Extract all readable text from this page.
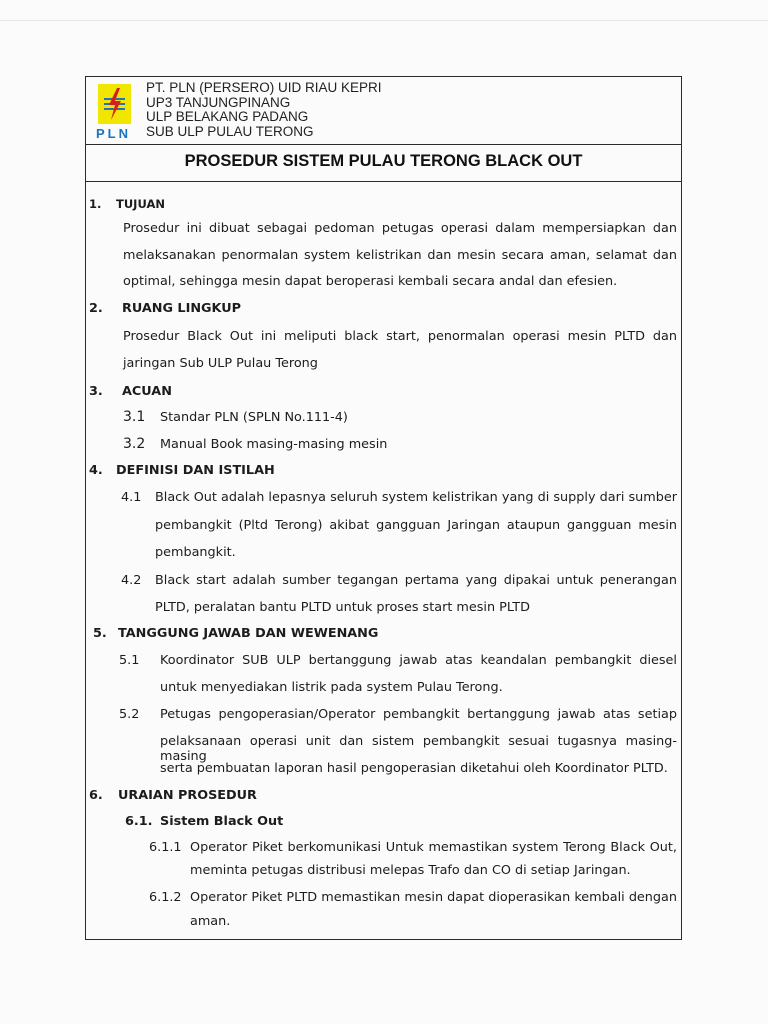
PLN
PT. PLN (PERSERO) UID RIAU KEPRI
UP3 TANJUNGPINANG
ULP BELAKANG PADANG
SUB ULP PULAU TERONG
PROSEDUR SISTEM PULAU TERONG BLACK OUT
1. TUJUAN
Prosedur ini dibuat sebagai pedoman petugas operasi dalam mempersiapkan dan
melaksanakan penormalan system kelistrikan dan mesin secara aman, selamat dan
optimal, sehingga mesin dapat beroperasi kembali secara andal dan efesien.
2. RUANG LINGKUP
Prosedur Black Out ini meliputi black start, penormalan operasi mesin PLTD dan
jaringan Sub ULP Pulau Terong
3. ACUAN
3.1 Standar PLN (SPLN No.111-4)
3.2 Manual Book masing-masing mesin
4. DEFINISI DAN ISTILAH
4.1 Black Out adalah lepasnya seluruh system kelistrikan yang di supply dari sumber
pembangkit (Pltd Terong) akibat gangguan Jaringan ataupun gangguan mesin
pembangkit.
4.2 Black start adalah sumber tegangan pertama yang dipakai untuk penerangan
PLTD, peralatan bantu PLTD untuk proses start mesin PLTD
5. TANGGUNG JAWAB DAN WEWENANG
5.1 Koordinator SUB ULP bertanggung jawab atas keandalan pembangkit diesel
untuk menyediakan listrik pada system Pulau Terong.
5.2 Petugas pengoperasian/Operator pembangkit bertanggung jawab atas setiap
pelaksanaan operasi unit dan sistem pembangkit sesuai tugasnya masing-masing
serta pembuatan laporan hasil pengoperasian diketahui oleh Koordinator PLTD.
6. URAIAN PROSEDUR
6.1. Sistem Black Out
6.1.1 Operator Piket berkomunikasi Untuk memastikan system Terong Black Out,
meminta petugas distribusi melepas Trafo dan CO di setiap Jaringan.
6.1.2 Operator Piket PLTD memastikan mesin dapat dioperasikan kembali dengan
aman.
